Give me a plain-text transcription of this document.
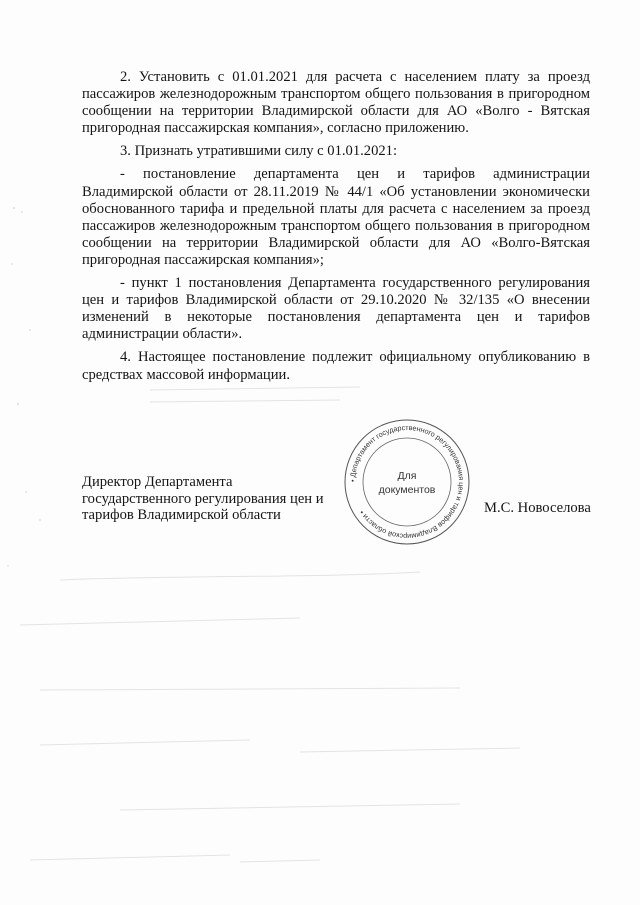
2. Установить с 01.01.2021 для расчета с населением плату за проезд пассажиров железнодорожным транспортом общего пользования в пригородном сообщении на территории Владимирской области для АО «Волго - Вятская пригородная пассажирская компания», согласно приложению.

3. Признать утратившими силу с 01.01.2021:

- постановление департамента цен и тарифов администрации Владимирской области от 28.11.2019 № 44/1 «Об установлении экономически обоснованного тарифа и предельной платы для расчета с населением за проезд пассажиров железнодорожным транспортом общего пользования в пригородном сообщении на территории Владимирской области для АО «Волго-Вятская пригородная пассажирская компания»;

- пункт 1 постановления Департамента государственного регулирования цен и тарифов Владимирской области от 29.10.2020 № 32/135 «О внесении изменений в некоторые постановления департамента цен и тарифов администрации области».

4. Настоящее постановление подлежит официальному опубликованию в средствах массовой информации.

Директор Департамента
государственного регулирования цен и
тарифов Владимирской области	М.С. Новоселова
• Департамент государственного регулирования цен и тарифов Владимирской области •
Для
документов
